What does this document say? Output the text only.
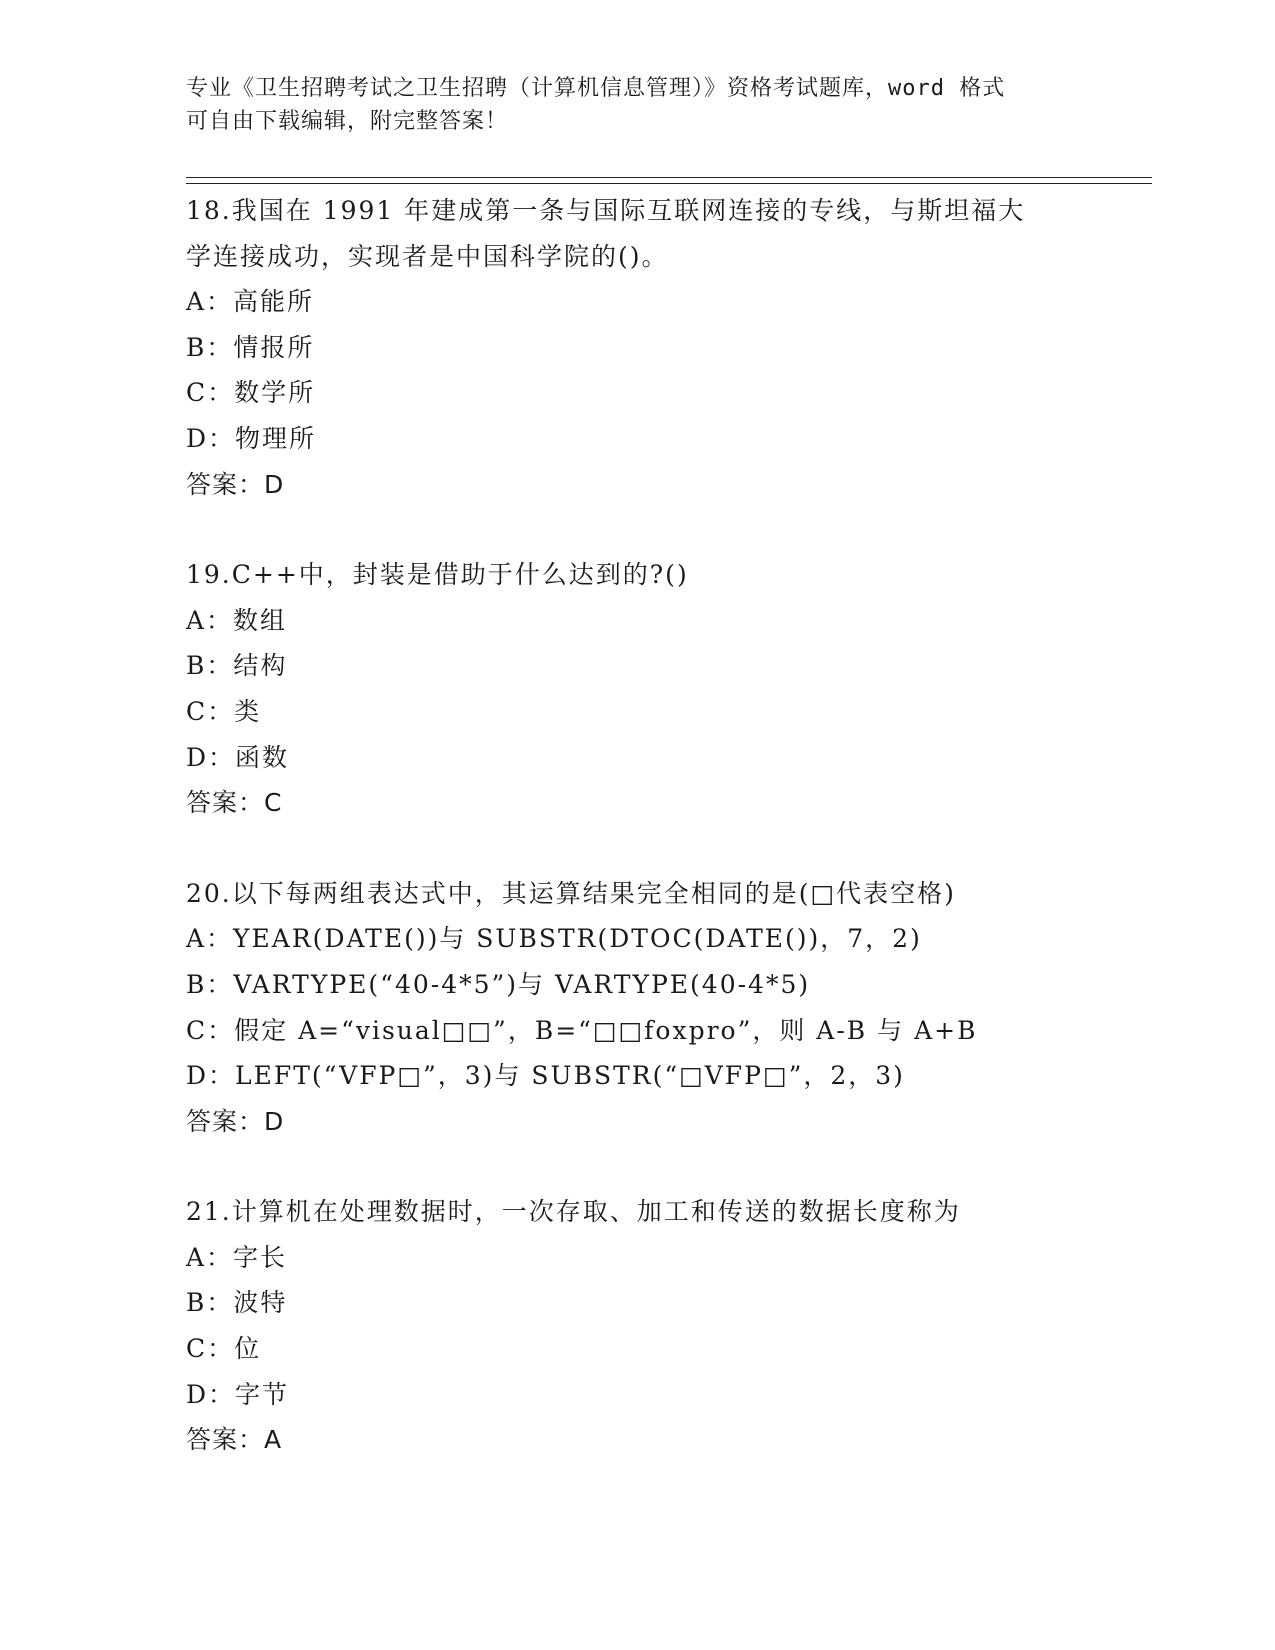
专业《卫生招聘考试之卫生招聘（计算机信息管理）》资格考试题库，word 格式
可自由下载编辑，附完整答案！
18.我国在 1991 年建成第一条与国际互联网连接的专线，与斯坦福大
学连接成功，实现者是中国科学院的()。
A：高能所
B：情报所
C：数学所
D：物理所
答案：D
19.C++中，封装是借助于什么达到的?()
A：数组
B：结构
C：类
D：函数
答案：C
20.以下每两组表达式中，其运算结果完全相同的是(□代表空格)
A：YEAR(DATE())与 SUBSTR(DTOC(DATE())，7，2)
B：VARTYPE(“40-4*5”)与 VARTYPE(40-4*5)
C：假定 A=“visual□□”，B=“□□foxpro”，则 A-B 与 A+B
D：LEFT(“VFP□”，3)与 SUBSTR(“□VFP□”，2，3)
答案：D
21.计算机在处理数据时，一次存取、加工和传送的数据长度称为
A：字长
B：波特
C：位
D：字节
答案：A
